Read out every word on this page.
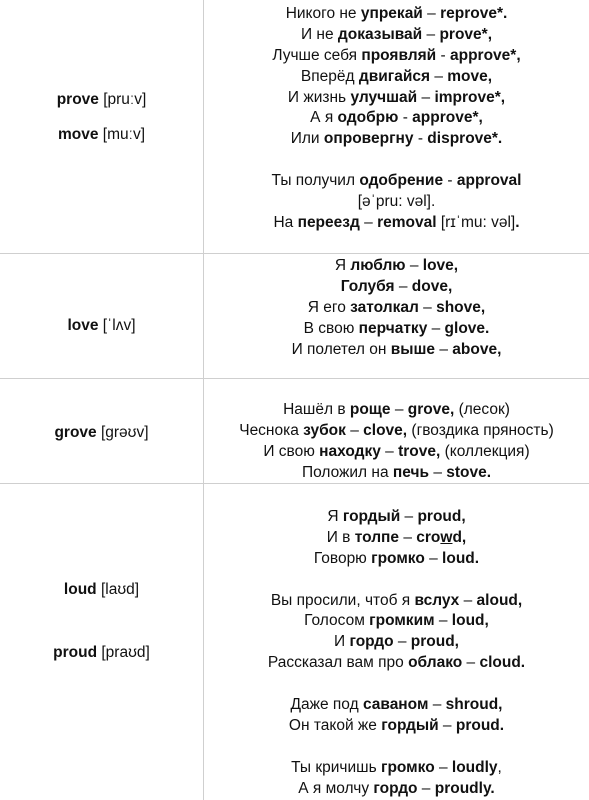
prove [pruːv]
move [muːv]
Никого не упрекай – reprove*.
И не доказывай – prove*,
Лучше себя проявляй - approve*,
Вперёд двигайся – move,
И жизнь улучшай – improve*,
А я одобрю - approve*,
Или опровергну - disprove*.
Ты получил одобрение - approval
[əˈpru: vəl].
На переезд – removal [rɪˈmu: vəl].
love [ˈlʌv]
Я люблю – love,
Голубя – dove,
Я его затолкал – shove,
В свою перчатку – glove.
И полетел он выше – above,
grove [grəʊv]
Нашёл в роще – grove, (лесок)
Чеснока зубок – clove, (гвоздика пряность)
И свою находку – trove, (коллекция)
Положил на печь – stove.
loud [laʊd]
proud [praʊd]
Я гордый – proud,
И в толпе – crowd,
Говорю громко – loud.
Вы просили, чтоб я вслух – aloud,
Голосом громким – loud,
И гордо – proud,
Рассказал вам про облако – cloud.
Даже под саваном – shroud,
Он такой же гордый – proud.
Ты кричишь громко – loudly,
А я молчу гордо – proudly.
